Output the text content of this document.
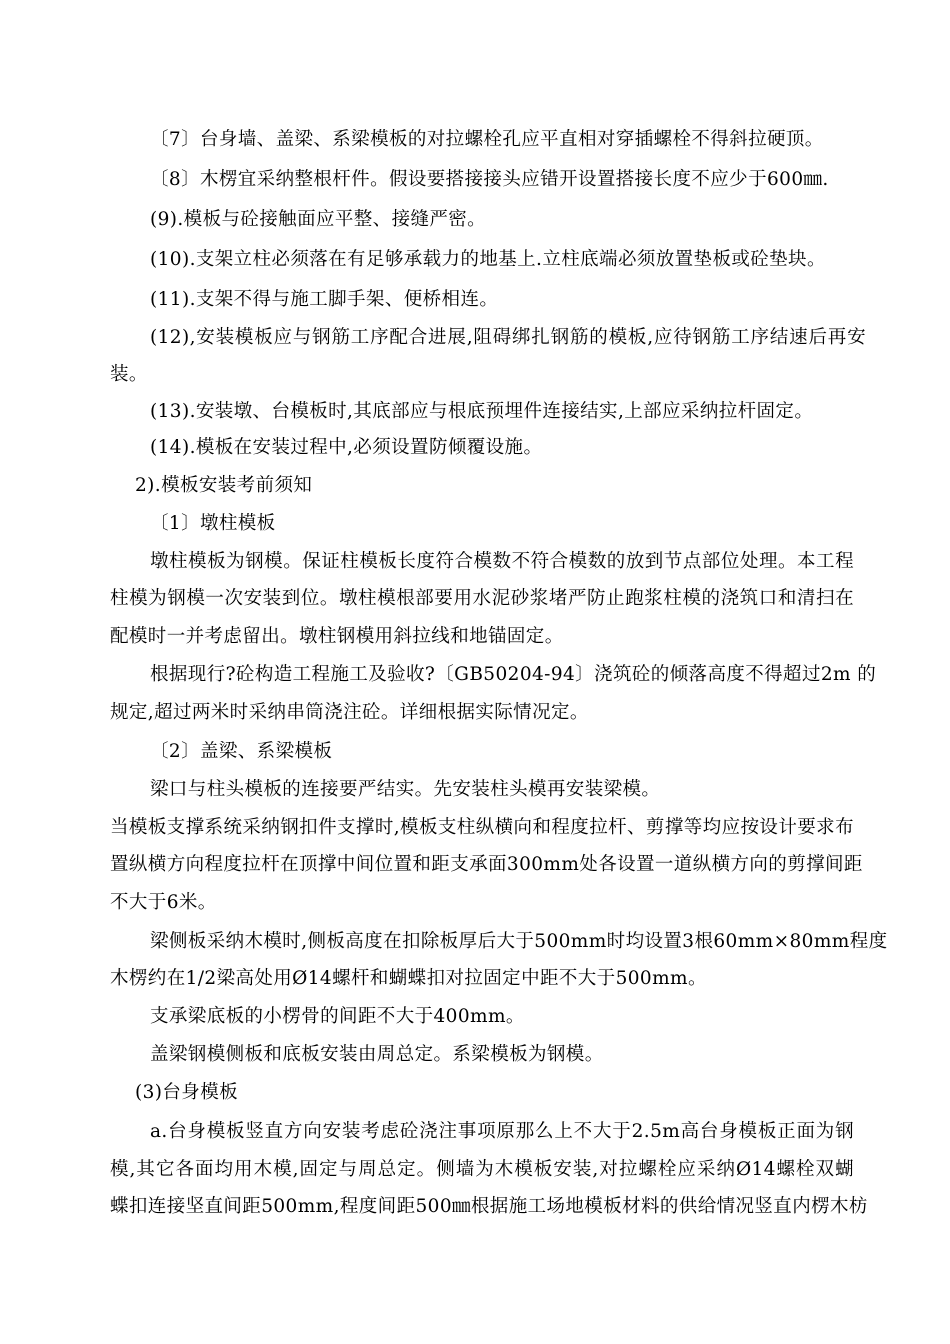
〔7〕台身墙、盖梁、系梁模板的对拉螺栓孔应平直相对穿插螺栓不得斜拉硬顶。
〔8〕木楞宜采纳整根杆件。假设要搭接接头应错开设置搭接长度不应少于600㎜.
(9).模板与砼接触面应平整、接缝严密。
(10).支架立柱必须落在有足够承载力的地基上.立柱底端必须放置垫板或砼垫块。
(11).支架不得与施工脚手架、便桥相连。
(12),安装模板应与钢筋工序配合进展,阻碍绑扎钢筋的模板,应待钢筋工序结速后再安
装。
(13).安装墩、台模板时,其底部应与根底预埋件连接结实,上部应采纳拉杆固定。
(14).模板在安装过程中,必须设置防倾覆设施。
2).模板安装考前须知
〔1〕墩柱模板
墩柱模板为钢模。保证柱模板长度符合模数不符合模数的放到节点部位处理。本工程
柱模为钢模一次安装到位。墩柱模根部要用水泥砂浆堵严防止跑浆柱模的浇筑口和清扫在
配模时一并考虑留出。墩柱钢模用斜拉线和地锚固定。
根据现行?砼构造工程施工及验收?〔GB50204-94〕浇筑砼的倾落高度不得超过2m 的
规定,超过两米时采纳串筒浇注砼。详细根据实际情况定。
〔2〕盖梁、系梁模板
梁口与柱头模板的连接要严结实。先安装柱头模再安装梁模。
当模板支撑系统采纳钢扣件支撑时,模板支柱纵横向和程度拉杆、剪撑等均应按设计要求布
置纵横方向程度拉杆在顶撑中间位置和距支承面300mm处各设置一道纵横方向的剪撑间距
不大于6米。
梁侧板采纳木模时,侧板高度在扣除板厚后大于500mm时均设置3根60mm×80mm程度
木楞约在1/2梁高处用Ø14螺杆和蝴蝶扣对拉固定中距不大于500mm。
支承梁底板的小楞骨的间距不大于400mm。
盖梁钢模侧板和底板安装由周总定。系梁模板为钢模。
(3)台身模板
a.台身模板竖直方向安装考虑砼浇注事项原那么上不大于2.5m高台身模板正面为钢
模,其它各面均用木模,固定与周总定。侧墙为木模板安装,对拉螺栓应采纳Ø14螺栓双蝴
蝶扣连接坚直间距500mm,程度间距500㎜根据施工场地模板材料的供给情况竖直内楞木枋
